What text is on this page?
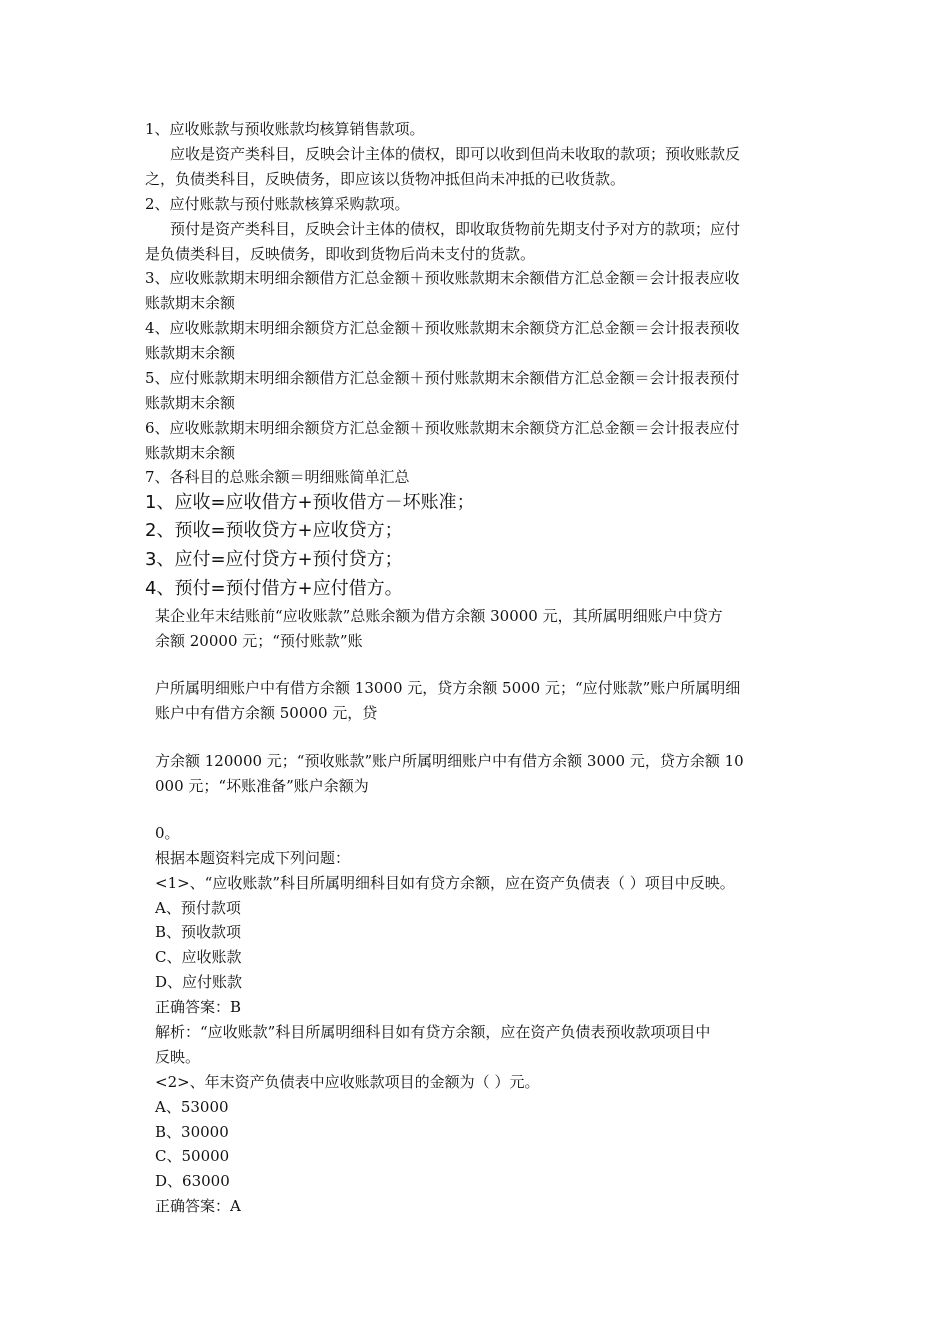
1、应收账款与预收账款均核算销售款项。
应收是资产类科目，反映会计主体的债权，即可以收到但尚未收取的款项；预收账款反
之，负债类科目，反映债务，即应该以货物冲抵但尚未冲抵的已收货款。
2、应付账款与预付账款核算采购款项。
预付是资产类科目，反映会计主体的债权，即收取货物前先期支付予对方的款项；应付
是负债类科目，反映债务，即收到货物后尚未支付的货款。
3、应收账款期末明细余额借方汇总金额＋预收账款期末余额借方汇总金额＝会计报表应收
账款期末余额
4、应收账款期末明细余额贷方汇总金额＋预收账款期末余额贷方汇总金额＝会计报表预收
账款期末余额
5、应付账款期末明细余额借方汇总金额＋预付账款期末余额借方汇总金额＝会计报表预付
账款期末余额
6、应收账款期末明细余额贷方汇总金额＋预收账款期末余额贷方汇总金额＝会计报表应付
账款期末余额
7、各科目的总账余额＝明细账简单汇总
1、应收=应收借方+预收借方－坏账准；
2、预收=预收贷方+应收贷方；
3、应付=应付贷方+预付贷方；
4、预付=预付借方+应付借方。
某企业年末结账前“应收账款”总账余额为借方余额 30000 元，其所属明细账户中贷方
余额 20000 元；“预付账款”账
户所属明细账户中有借方余额 13000 元，贷方余额 5000 元；“应付账款”账户所属明细
账户中有借方余额 50000 元，贷
方余额 120000 元；“预收账款”账户所属明细账户中有借方余额 3000 元，贷方余额 10
000 元；“坏账准备”账户余额为
0。
根据本题资料完成下列问题：
<1>、“应收账款”科目所属明细科目如有贷方余额，应在资产负债表（ ）项目中反映。
A、预付款项
B、预收款项
C、应收账款
D、应付账款
正确答案：B
解析：“应收账款”科目所属明细科目如有贷方余额，应在资产负债表预收款项项目中
反映。
<2>、年末资产负债表中应收账款项目的金额为（ ）元。
A、53000
B、30000
C、50000
D、63000
正确答案：A
